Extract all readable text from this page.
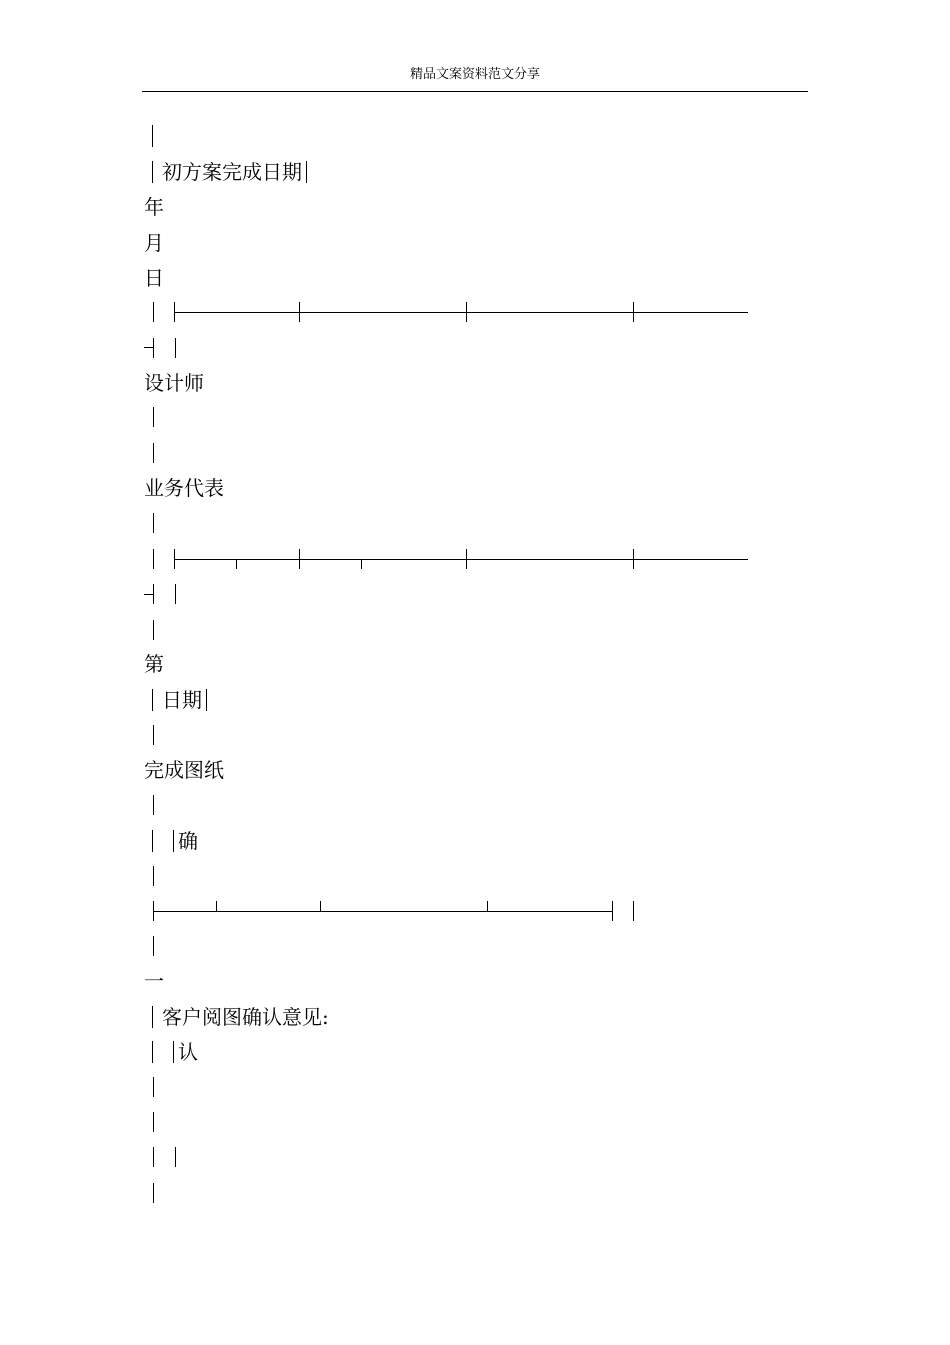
精品文案资料范文分享
初方案完成日期
年
月
日
设计师
业务代表
第
日期
完成图纸
确
一
客户阅图确认意见:
认
